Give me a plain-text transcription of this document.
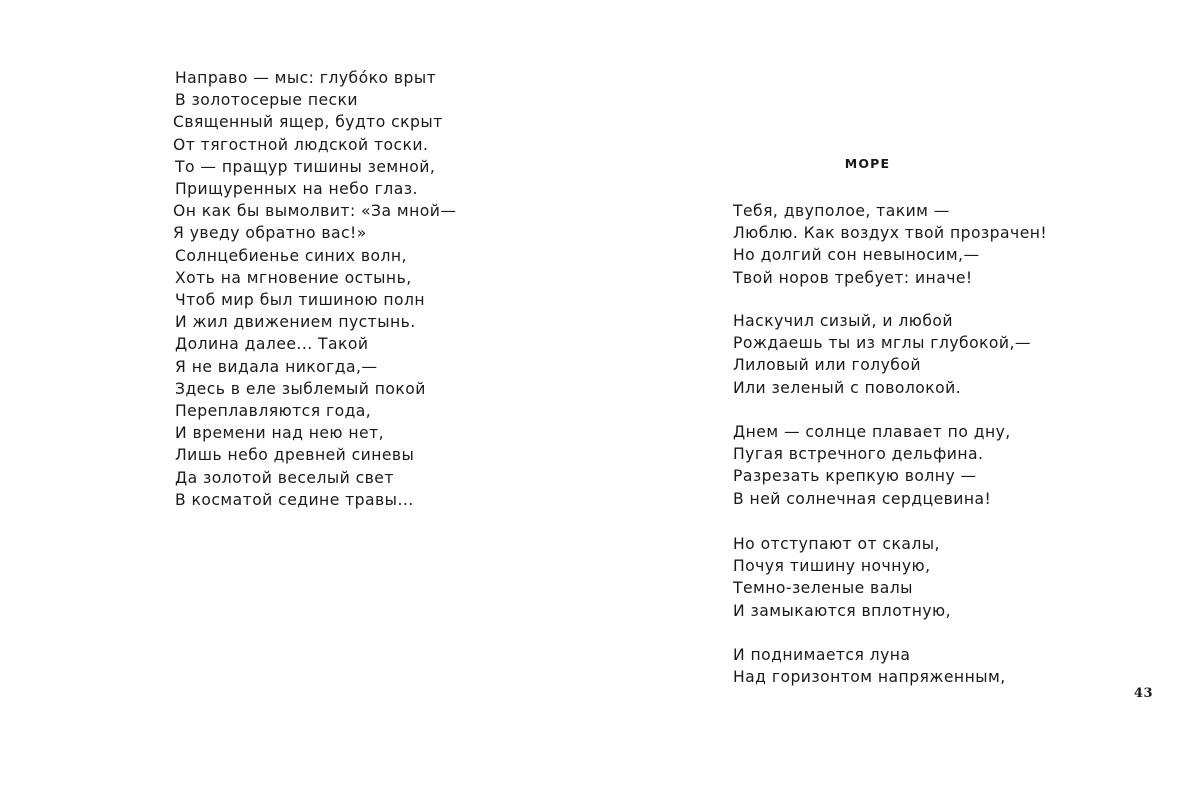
Направо — мыс: глубо́ко врыт
В золотосерые пески
Священный ящер, будто скрыт
От тягостной людской тоски.
То — пращур тишины земной,
Прищуренных на небо глаз.
Он как бы вымолвит: «За мной—
Я уведу обратно вас!»
Солнцебиенье синих волн,
Хоть на мгновение остынь,
Чтоб мир был тишиною полн
И жил движением пустынь.
Долина далее... Такой
Я не видала никогда,—
Здесь в еле зыблемый покой
Переплавляются года,
И времени над нею нет,
Лишь небо древней синевы
Да золотой веселый свет
В косматой седине травы...
МОРЕ
Тебя, двуполое, таким —
Люблю. Как воздух твой прозрачен!
Но долгий сон невыносим,—
Твой норов требует: иначе!
Наскучил сизый, и любой
Рождаешь ты из мглы глубокой,—
Лиловый или голубой
Или зеленый с поволокой.
Днем — солнце плавает по дну,
Пугая встречного дельфина.
Разрезать крепкую волну —
В ней солнечная сердцевина!
Но отступают от скалы,
Почуя тишину ночную,
Темно-зеленые валы
И замыкаются вплотную,
И поднимается луна
Над горизонтом напряженным,
43
